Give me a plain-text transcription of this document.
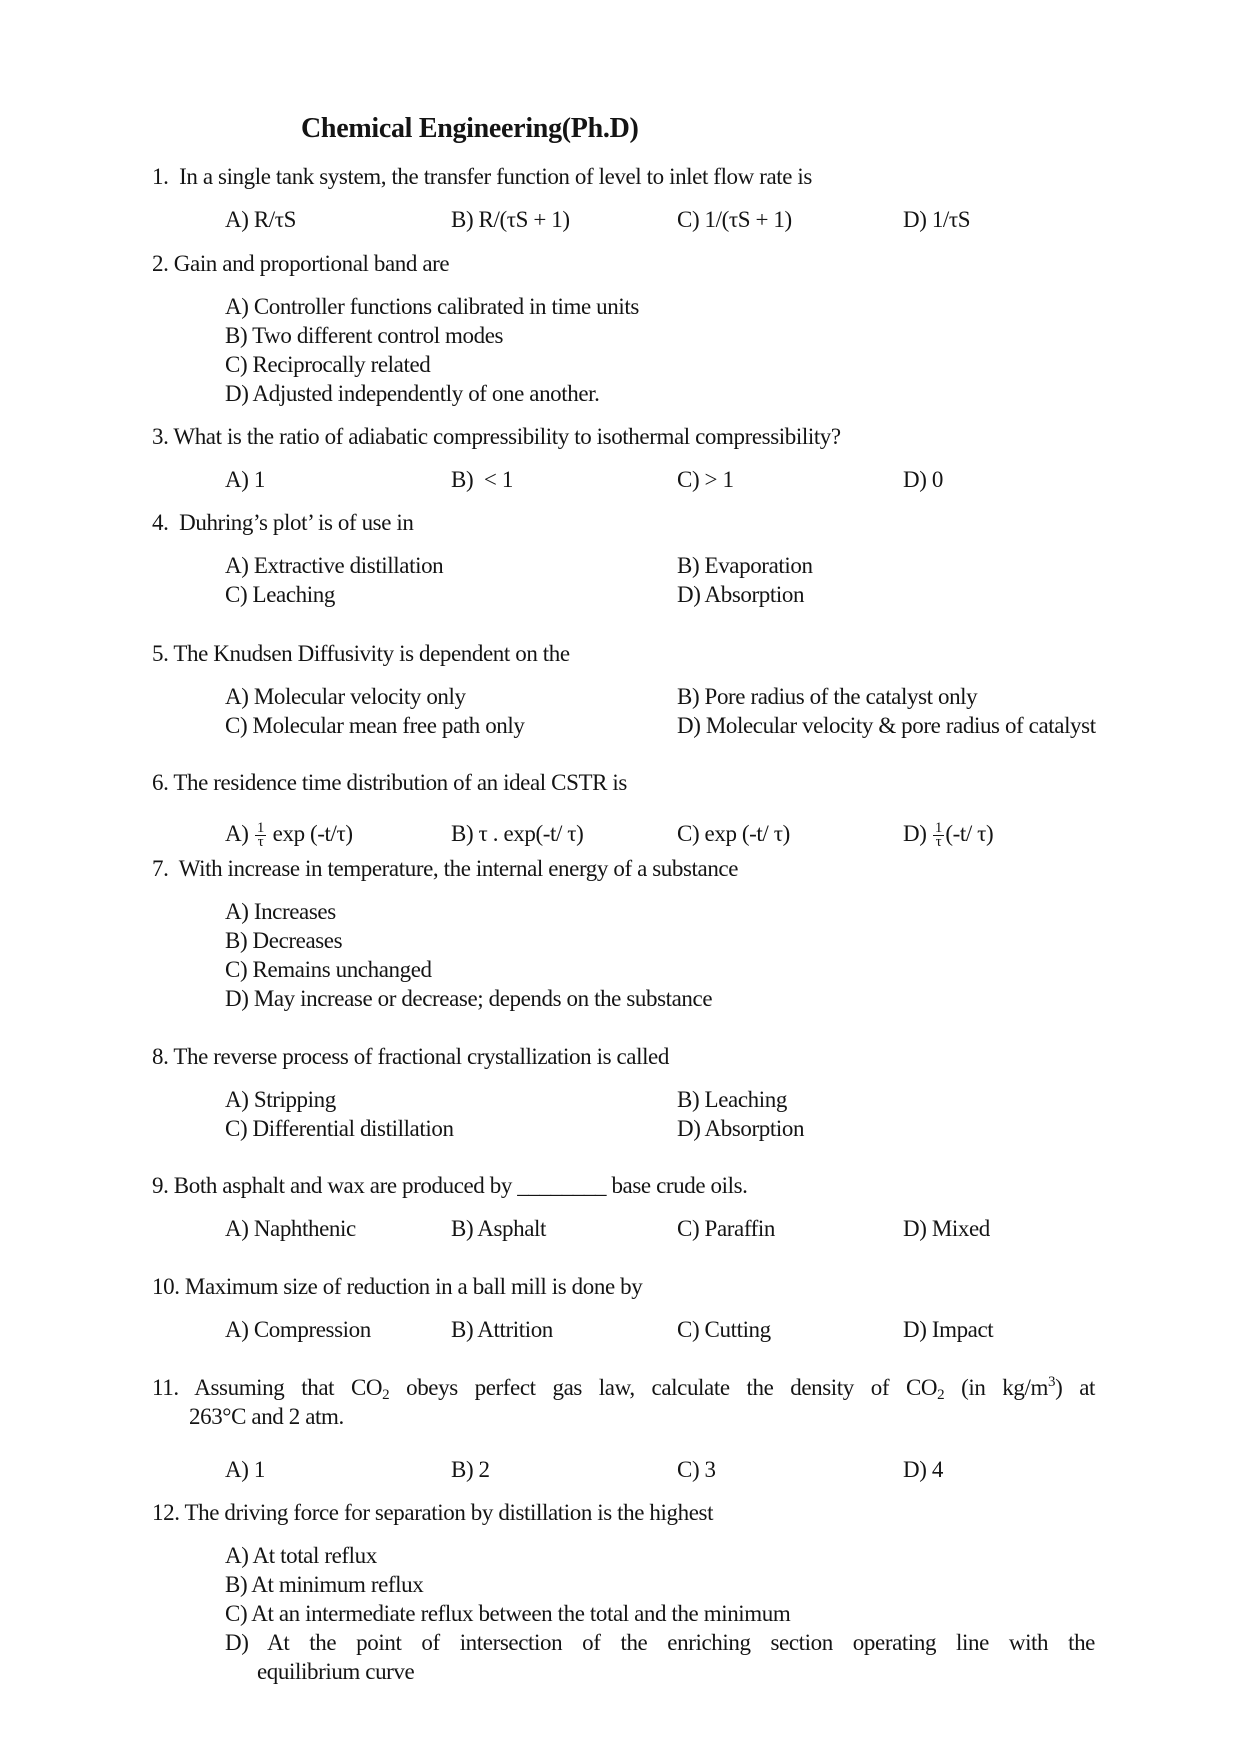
Chemical Engineering(Ph.D)
1.  In a single tank system, the transfer function of level to inlet flow rate is
A) R/τS	B) R/(τS + 1)	C) 1/(τS + 1)	D) 1/τS
2. Gain and proportional band are
A) Controller functions calibrated in time units
B) Two different control modes
C) Reciprocally related
D) Adjusted independently of one another.
3. What is the ratio of adiabatic compressibility to isothermal compressibility?
A) 1	B)  < 1	C) > 1	D) 0
4.  Duhring’s plot’ is of use in
A) Extractive distillation	B) Evaporation
C) Leaching	D) Absorption
5. The Knudsen Diffusivity is dependent on the
A) Molecular velocity only	B) Pore radius of the catalyst only
C) Molecular mean free path only	D) Molecular velocity & pore radius of catalyst
6. The residence time distribution of an ideal CSTR is
$A) \frac{1}{\tau}$ exp (-t/τ)	B) τ . exp(-t/ τ)	C) exp (-t/ τ)	$D) \frac{1}{\tau} (-t/$ τ)
7.  With increase in temperature, the internal energy of a substance
A) Increases
B) Decreases
C) Remains unchanged
D) May increase or decrease; depends on the substance
8. The reverse process of fractional crystallization is called
A) Stripping	B) Leaching
C) Differential distillation	D) Absorption
9. Both asphalt and wax are produced by ________ base crude oils.
A) Naphthenic	B) Asphalt	C) Paraffin	D) Mixed
10. Maximum size of reduction in a ball mill is done by
A) Compression	B) Attrition	C) Cutting	D) Impact
11. Assuming that $CO_2$ obeys perfect gas law, calculate the density of $CO_2$ (in $kg/m^3$) at
263°C and 2 atm.
A) 1	B) 2	C) 3	D) 4
12. The driving force for separation by distillation is the highest
A) At total reflux
B) At minimum reflux
C) At an intermediate reflux between the total and the minimum
D) At the point of intersection of the enriching section operating line with the
equilibrium curve
